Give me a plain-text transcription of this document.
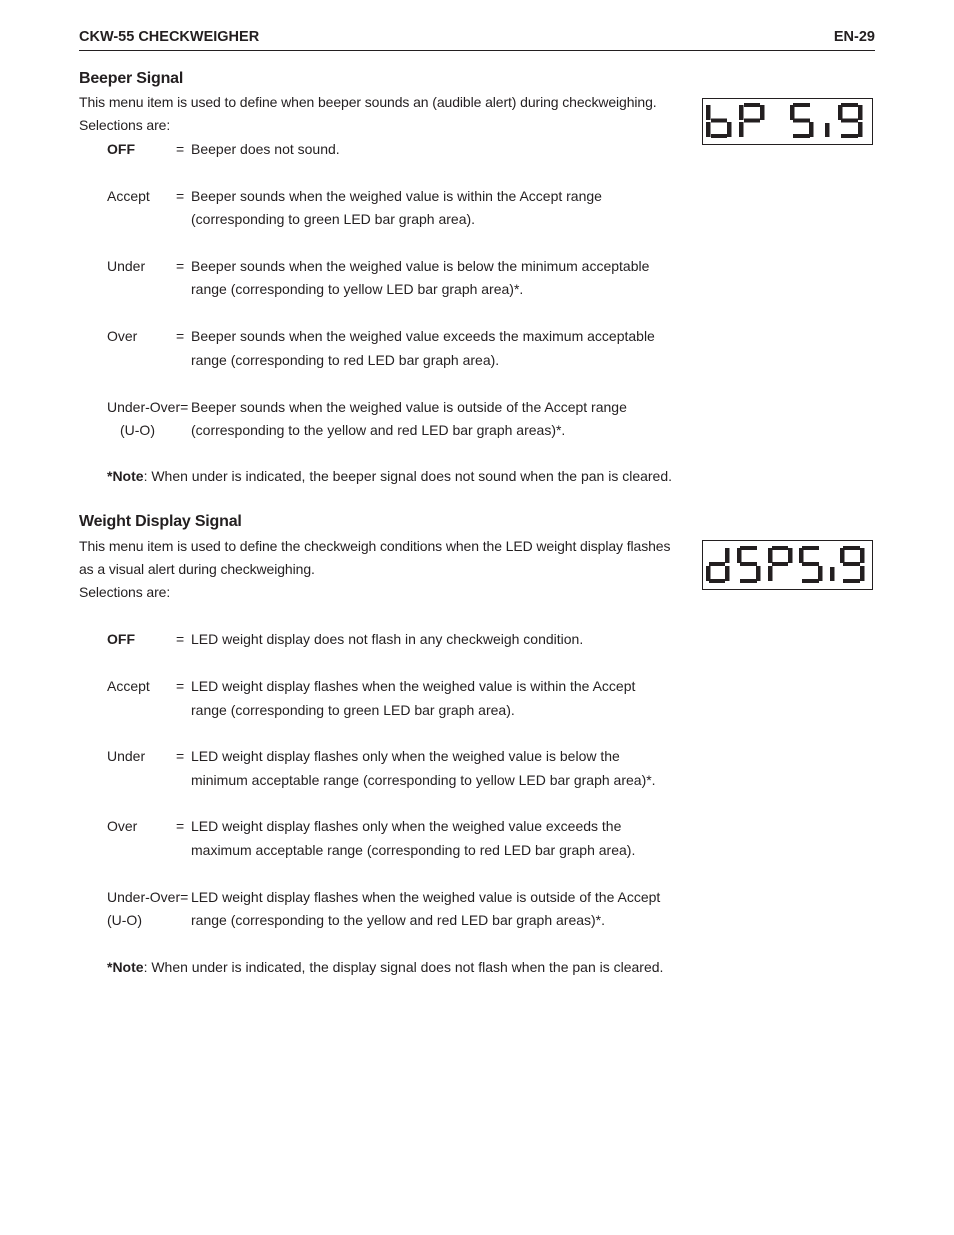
CKW-55 CHECKWEIGHER	EN-29
Beeper Signal
This menu item is used to define when beeper sounds an (audible alert) during checkweighing.
Selections are:
OFF	= Beeper does not sound.
Accept = Beeper sounds when the weighed value is within the Accept range
(corresponding to green LED bar graph area).
Under = Beeper sounds when the weighed value is below the minimum acceptable
range (corresponding to yellow LED bar graph area)*.
Over	= Beeper sounds when the weighed value exceeds the maximum acceptable
range (corresponding to red LED bar graph area).
Under-Over=
(U-O)
Beeper sounds when the weighed value is outside of the Accept range
(corresponding to the yellow and red LED bar graph areas)*.
*Note: When under is indicated, the beeper signal does not sound when the pan is cleared.
Weight Display Signal
This menu item is used to define the checkweigh conditions when the LED weight display flashes
as a visual alert during checkweighing.
Selections are:
OFF	= LED weight display does not flash in any checkweigh condition.
Accept = LED weight display flashes when the weighed value is within the Accept
range (corresponding to green LED bar graph area).
Under = LED weight display flashes only when the weighed value is below the
minimum acceptable range (corresponding to yellow LED bar graph area)*.
Over	= LED weight display flashes only when the weighed value exceeds the
maximum acceptable range (corresponding to red LED bar graph area).
Under-Over=
(U-O)
LED weight display flashes when the weighed value is outside of the Accept
range (corresponding to the yellow and red LED bar graph areas)*.
*Note: When under is indicated, the display signal does not flash when the pan is cleared.
